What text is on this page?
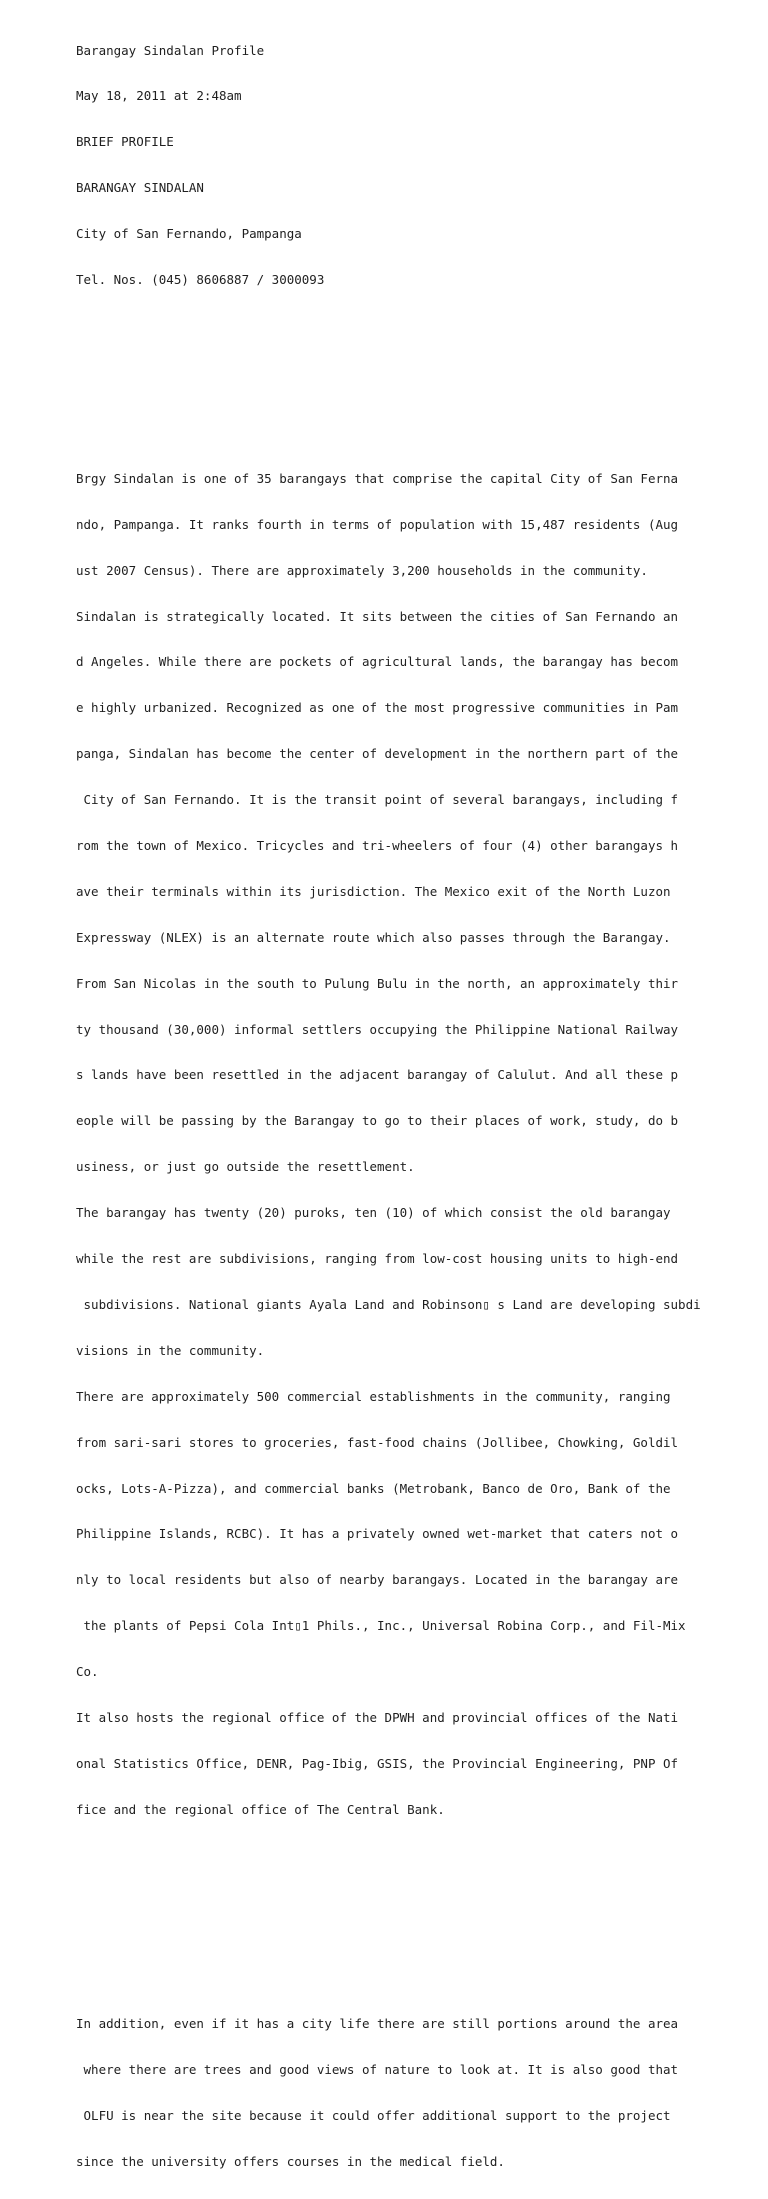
Barangay Sindalan Profile

May 18, 2011 at 2:48am

BRIEF PROFILE

BARANGAY SINDALAN

City of San Fernando, Pampanga

Tel. Nos. (045) 8606887 / 3000093

Brgy Sindalan is one of 35 barangays that comprise the capital City of San Ferna

ndo, Pampanga. It ranks fourth in terms of population with 15,487 residents (Aug

ust 2007 Census). There are approximately 3,200 households in the community.

Sindalan is strategically located. It sits between the cities of San Fernando an

d Angeles. While there are pockets of agricultural lands, the barangay has becom

e highly urbanized. Recognized as one of the most progressive communities in Pam

panga, Sindalan has become the center of development in the northern part of the

City of San Fernando. It is the transit point of several barangays, including f

rom the town of Mexico. Tricycles and tri-wheelers of four (4) other barangays h

ave their terminals within its jurisdiction. The Mexico exit of the North Luzon

Expressway (NLEX) is an alternate route which also passes through the Barangay.

From San Nicolas in the south to Pulung Bulu in the north, an approximately thir

ty thousand (30,000) informal settlers occupying the Philippine National Railway

s lands have been resettled in the adjacent barangay of Calulut. And all these p

eople will be passing by the Barangay to go to their places of work, study, do b

usiness, or just go outside the resettlement.

The barangay has twenty (20) puroks, ten (10) of which consist the old barangay

while the rest are subdivisions, ranging from low-cost housing units to high-end

subdivisions. National giants Ayala Land and Robinson▯ s Land are developing subdi

visions in the community.

There are approximately 500 commercial establishments in the community, ranging

from sari-sari stores to groceries, fast-food chains (Jollibee, Chowking, Goldil

ocks, Lots-A-Pizza), and commercial banks (Metrobank, Banco de Oro, Bank of the

Philippine Islands, RCBC). It has a privately owned wet-market that caters not o

nly to local residents but also of nearby barangays. Located in the barangay are

the plants of Pepsi Cola Int▯1 Phils., Inc., Universal Robina Corp., and Fil-Mix

Co.

It also hosts the regional office of the DPWH and provincial offices of the Nati

onal Statistics Office, DENR, Pag-Ibig, GSIS, the Provincial Engineering, PNP Of

fice and the regional office of The Central Bank.

In addition, even if it has a city life there are still portions around the area

where there are trees and good views of nature to look at. It is also good that

OLFU is near the site because it could offer additional support to the project

since the university offers courses in the medical field.
